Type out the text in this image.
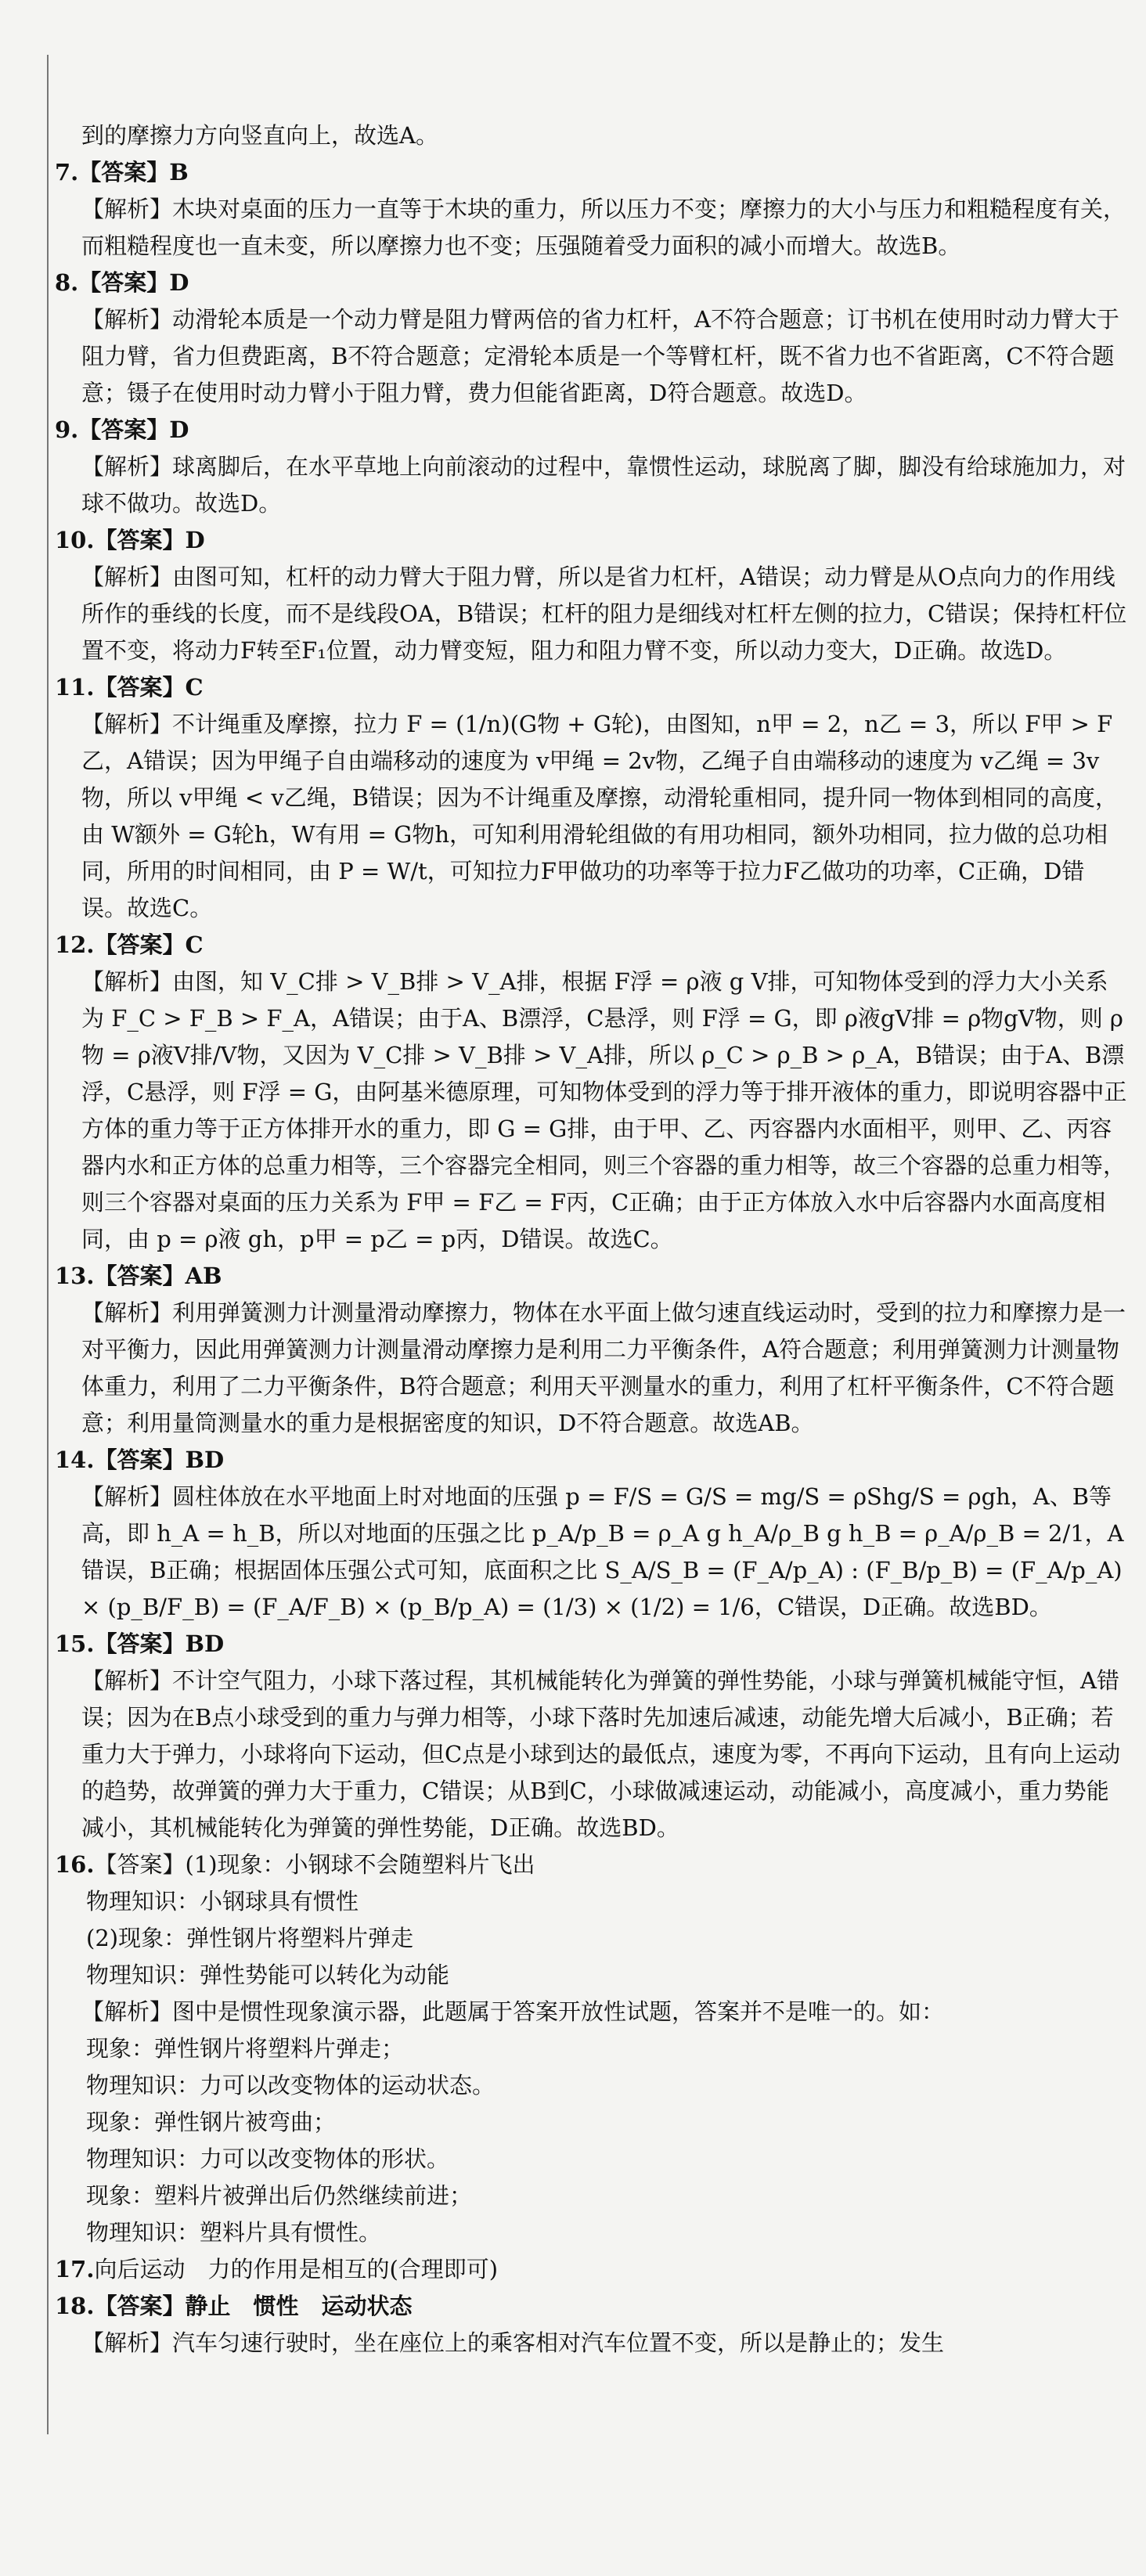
到的摩擦力方向竖直向上，故选A。

7.【答案】B

【解析】木块对桌面的压力一直等于木块的重力，所以压力不变；摩擦力的大小与压力和粗糙程度有关，而粗糙程度也一直未变，所以摩擦力也不变；压强随着受力面积的减小而增大。故选B。

8.【答案】D

【解析】动滑轮本质是一个动力臂是阻力臂两倍的省力杠杆，A不符合题意；订书机在使用时动力臂大于阻力臂，省力但费距离，B不符合题意；定滑轮本质是一个等臂杠杆，既不省力也不省距离，C不符合题意；镊子在使用时动力臂小于阻力臂，费力但能省距离，D符合题意。故选D。

9.【答案】D

【解析】球离脚后，在水平草地上向前滚动的过程中，靠惯性运动，球脱离了脚，脚没有给球施加力，对球不做功。故选D。

10.【答案】D

【解析】由图可知，杠杆的动力臂大于阻力臂，所以是省力杠杆，A错误；动力臂是从O点向力的作用线所作的垂线的长度，而不是线段OA，B错误；杠杆的阻力是细线对杠杆左侧的拉力，C错误；保持杠杆位置不变，将动力F转至F₁位置，动力臂变短，阻力和阻力臂不变，所以动力变大，D正确。故选D。

11.【答案】C

【解析】不计绳重及摩擦，拉力 F = (1/n)(G物 + G轮)，由图知，n甲 = 2，n乙 = 3，所以 F甲 > F乙，A错误；因为甲绳子自由端移动的速度为 v甲绳 = 2v物，乙绳子自由端移动的速度为 v乙绳 = 3v物，所以 v甲绳 < v乙绳，B错误；因为不计绳重及摩擦，动滑轮重相同，提升同一物体到相同的高度，由 W额外 = G轮h，W有用 = G物h，可知利用滑轮组做的有用功相同，额外功相同，拉力做的总功相同，所用的时间相同，由 P = W/t，可知拉力F甲做功的功率等于拉力F乙做功的功率，C正确，D错误。故选C。

12.【答案】C

【解析】由图，知 V_C排 > V_B排 > V_A排，根据 F浮 = ρ液 g V排，可知物体受到的浮力大小关系为 F_C > F_B > F_A，A错误；由于A、B漂浮，C悬浮，则 F浮 = G，即 ρ液gV排 = ρ物gV物，则 ρ物 = ρ液V排/V物，又因为 V_C排 > V_B排 > V_A排，所以 ρ_C > ρ_B > ρ_A，B错误；由于A、B漂浮，C悬浮，则 F浮 = G，由阿基米德原理，可知物体受到的浮力等于排开液体的重力，即说明容器中正方体的重力等于正方体排开水的重力，即 G = G排，由于甲、乙、丙容器内水面相平，则甲、乙、丙容器内水和正方体的总重力相等，三个容器完全相同，则三个容器的重力相等，故三个容器的总重力相等，则三个容器对桌面的压力关系为 F甲 = F乙 = F丙，C正确；由于正方体放入水中后容器内水面高度相同，由 p = ρ液 gh，p甲 = p乙 = p丙，D错误。故选C。

13.【答案】AB

【解析】利用弹簧测力计测量滑动摩擦力，物体在水平面上做匀速直线运动时，受到的拉力和摩擦力是一对平衡力，因此用弹簧测力计测量滑动摩擦力是利用二力平衡条件，A符合题意；利用弹簧测力计测量物体重力，利用了二力平衡条件，B符合题意；利用天平测量水的重力，利用了杠杆平衡条件，C不符合题意；利用量筒测量水的重力是根据密度的知识，D不符合题意。故选AB。

14.【答案】BD

【解析】圆柱体放在水平地面上时对地面的压强 p = F/S = G/S = mg/S = ρShg/S = ρgh，A、B等高，即 h_A = h_B，所以对地面的压强之比 p_A/p_B = ρ_A g h_A/ρ_B g h_B = ρ_A/ρ_B = 2/1，A错误，B正确；根据固体压强公式可知，底面积之比 S_A/S_B = (F_A/p_A) : (F_B/p_B) = (F_A/p_A) × (p_B/F_B) = (F_A/F_B) × (p_B/p_A) = (1/3) × (1/2) = 1/6，C错误，D正确。故选BD。

15.【答案】BD

【解析】不计空气阻力，小球下落过程，其机械能转化为弹簧的弹性势能，小球与弹簧机械能守恒，A错误；因为在B点小球受到的重力与弹力相等，小球下落时先加速后减速，动能先增大后减小，B正确；若重力大于弹力，小球将向下运动，但C点是小球到达的最低点，速度为零，不再向下运动，且有向上运动的趋势，故弹簧的弹力大于重力，C错误；从B到C，小球做减速运动，动能减小，高度减小，重力势能减小，其机械能转化为弹簧的弹性势能，D正确。故选BD。

16.【答案】(1)现象：小钢球不会随塑料片飞出

物理知识：小钢球具有惯性

(2)现象：弹性钢片将塑料片弹走

物理知识：弹性势能可以转化为动能

【解析】图中是惯性现象演示器，此题属于答案开放性试题，答案并不是唯一的。如：

现象：弹性钢片将塑料片弹走；

物理知识：力可以改变物体的运动状态。

现象：弹性钢片被弯曲；

物理知识：力可以改变物体的形状。

现象：塑料片被弹出后仍然继续前进；

物理知识：塑料片具有惯性。

17.向后运动　力的作用是相互的(合理即可)

18.【答案】静止　惯性　运动状态

【解析】汽车匀速行驶时，坐在座位上的乘客相对汽车位置不变，所以是静止的；发生
